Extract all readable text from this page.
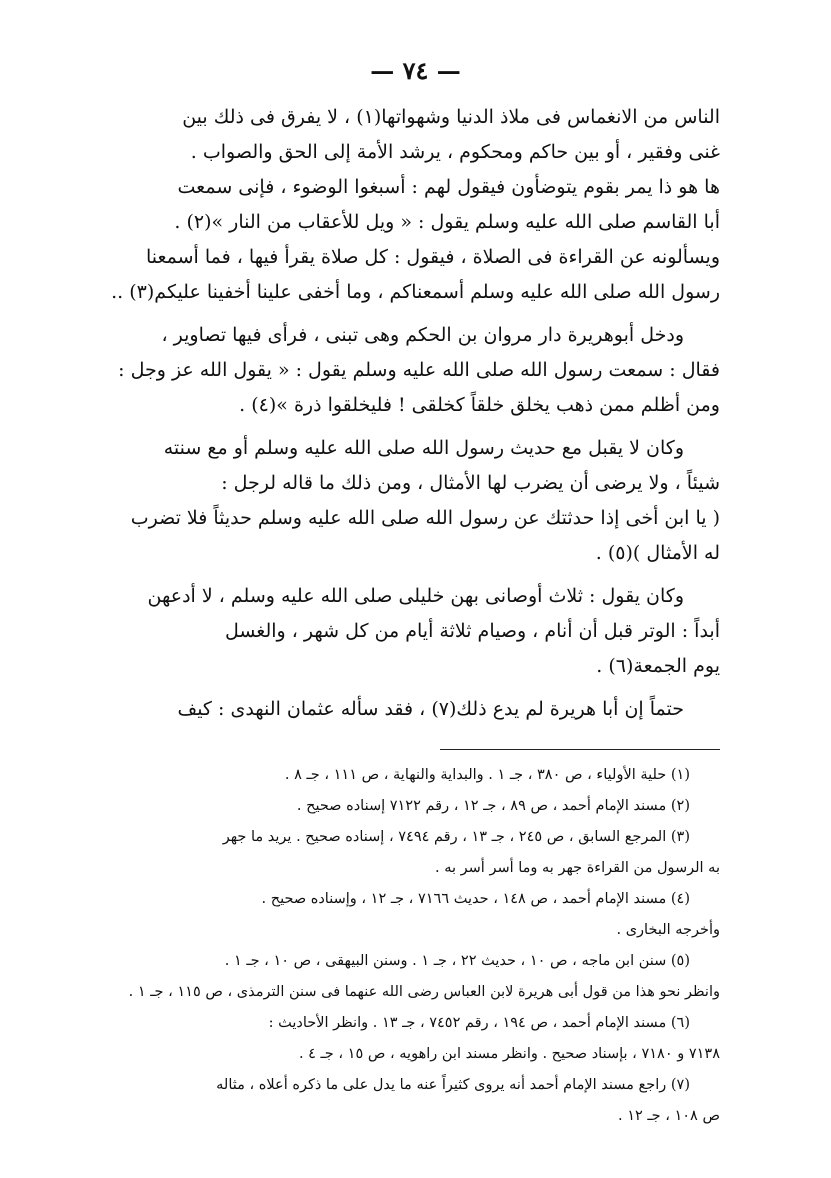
— ٧٤ —
الناس من الانغماس فى ملاذ الدنيا وشهواتها(١) ، لا يفرق فى ذلك بين
غنى وفقير ، أو بين حاكم ومحكوم ، يرشد الأمة إلى الحق والصواب .
ها هو ذا يمر بقوم يتوضأون فيقول لهم : أسبغوا الوضوء ، فإنى سمعت
أبا القاسم صلى الله عليه وسلم يقول : « ويل للأعقاب من النار »(٢) .
ويسألونه عن القراءة فى الصلاة ، فيقول : كل صلاة يقرأ فيها ، فما أسمعنا
رسول الله صلى الله عليه وسلم أسمعناكم ، وما أخفى علينا أخفينا عليكم(٣) ..
ودخل أبوهريرة دار مروان بن الحكم وهى تبنى ، فرأى فيها تصاوير ،
فقال : سمعت رسول الله صلى الله عليه وسلم يقول : « يقول الله عز وجل :
ومن أظلم ممن ذهب يخلق خلقاً كخلقى ! فليخلقوا ذرة »(٤) .
وكان لا يقبل مع حديث رسول الله صلى الله عليه وسلم أو مع سنته
شيئاً ، ولا يرضى أن يضرب لها الأمثال ، ومن ذلك ما قاله لرجل :
( يا ابن أخى إذا حدثتك عن رسول الله صلى الله عليه وسلم حديثاً فلا تضرب
له الأمثال )(٥) .
وكان يقول : ثلاث أوصانى بهن خليلى صلى الله عليه وسلم ، لا أدعهن
أبداً : الوتر قبل أن أنام ، وصيام ثلاثة أيام من كل شهر ، والغسل
يوم الجمعة(٦) .
حتماً إن أبا هريرة لم يدع ذلك(٧) ، فقد سأله عثمان النهدى : كيف
(١) حلية الأولياء ، ص ٣٨٠ ، جـ ١ . والبداية والنهاية ، ص ١١١ ، جـ ٨ .
(٢) مسند الإمام أحمد ، ص ٨٩ ، جـ ١٢ ، رقم ٧١٢٢ إسناده صحيح .
(٣) المرجع السابق ، ص ٢٤٥ ، جـ ١٣ ، رقم ٧٤٩٤ ، إسناده صحيح . يريد ما جهر
به الرسول من القراءة جهر به وما أسر أسر به .
(٤) مسند الإمام أحمد ، ص ١٤٨ ، حديث ٧١٦٦ ، جـ ١٢ ، وإسناده صحيح .
وأخرجه البخارى .
(٥) سنن ابن ماجه ، ص ١٠ ، حديث ٢٢ ، جـ ١ . وسنن البيهقى ، ص ١٠ ، جـ ١ .
وانظر نحو هذا من قول أبى هريرة لابن العباس رضى الله عنهما فى سنن الترمذى ، ص ١١٥ ، جـ ١ .
(٦) مسند الإمام أحمد ، ص ١٩٤ ، رقم ٧٤٥٢ ، جـ ١٣ . وانظر الأحاديث :
٧١٣٨ و ٧١٨٠ ، بإسناد صحيح . وانظر مسند ابن راهويه ، ص ١٥ ، جـ ٤ .
(٧) راجع مسند الإمام أحمد أنه يروى كثيراً عنه ما يدل على ما ذكره أعلاه ، مثاله
ص ١٠٨ ، جـ ١٢ .
